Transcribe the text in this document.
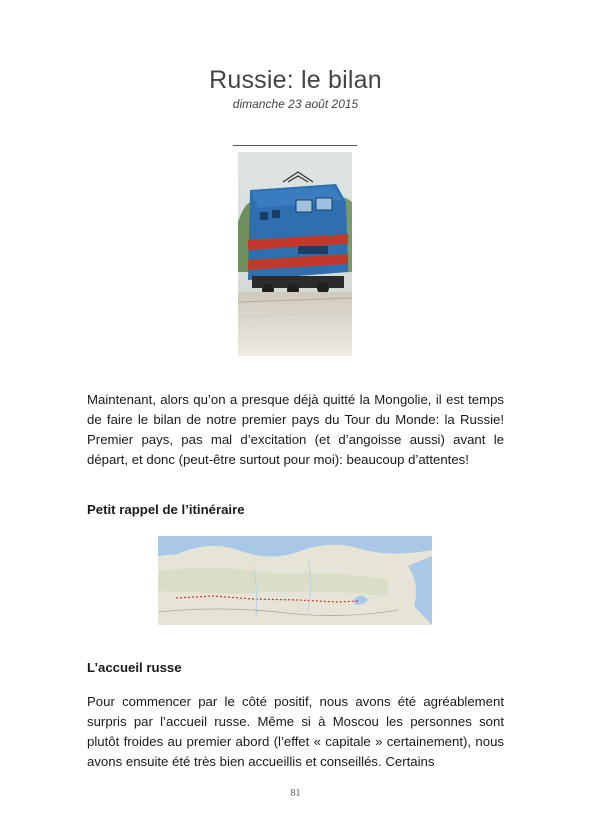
Russie: le bilan
dimanche 23 août 2015

Maintenant, alors qu’on a presque déjà quitté la Mongolie, il est temps de faire le bilan de notre premier pays du Tour du Monde: la Russie! Premier pays, pas mal d’excitation (et d’angoisse aussi) avant le départ, et donc (peut-être surtout pour moi): beaucoup d’attentes!

Petit rappel de l’itinéraire
L’accueil russe

Pour commencer par le côté positif, nous avons été agréablement surpris par l’accueil russe. Même si à Moscou les personnes sont plutôt froides au premier abord (l’effet « capitale » certainement), nous avons ensuite été très bien accueillis et conseillés. Certains

81
